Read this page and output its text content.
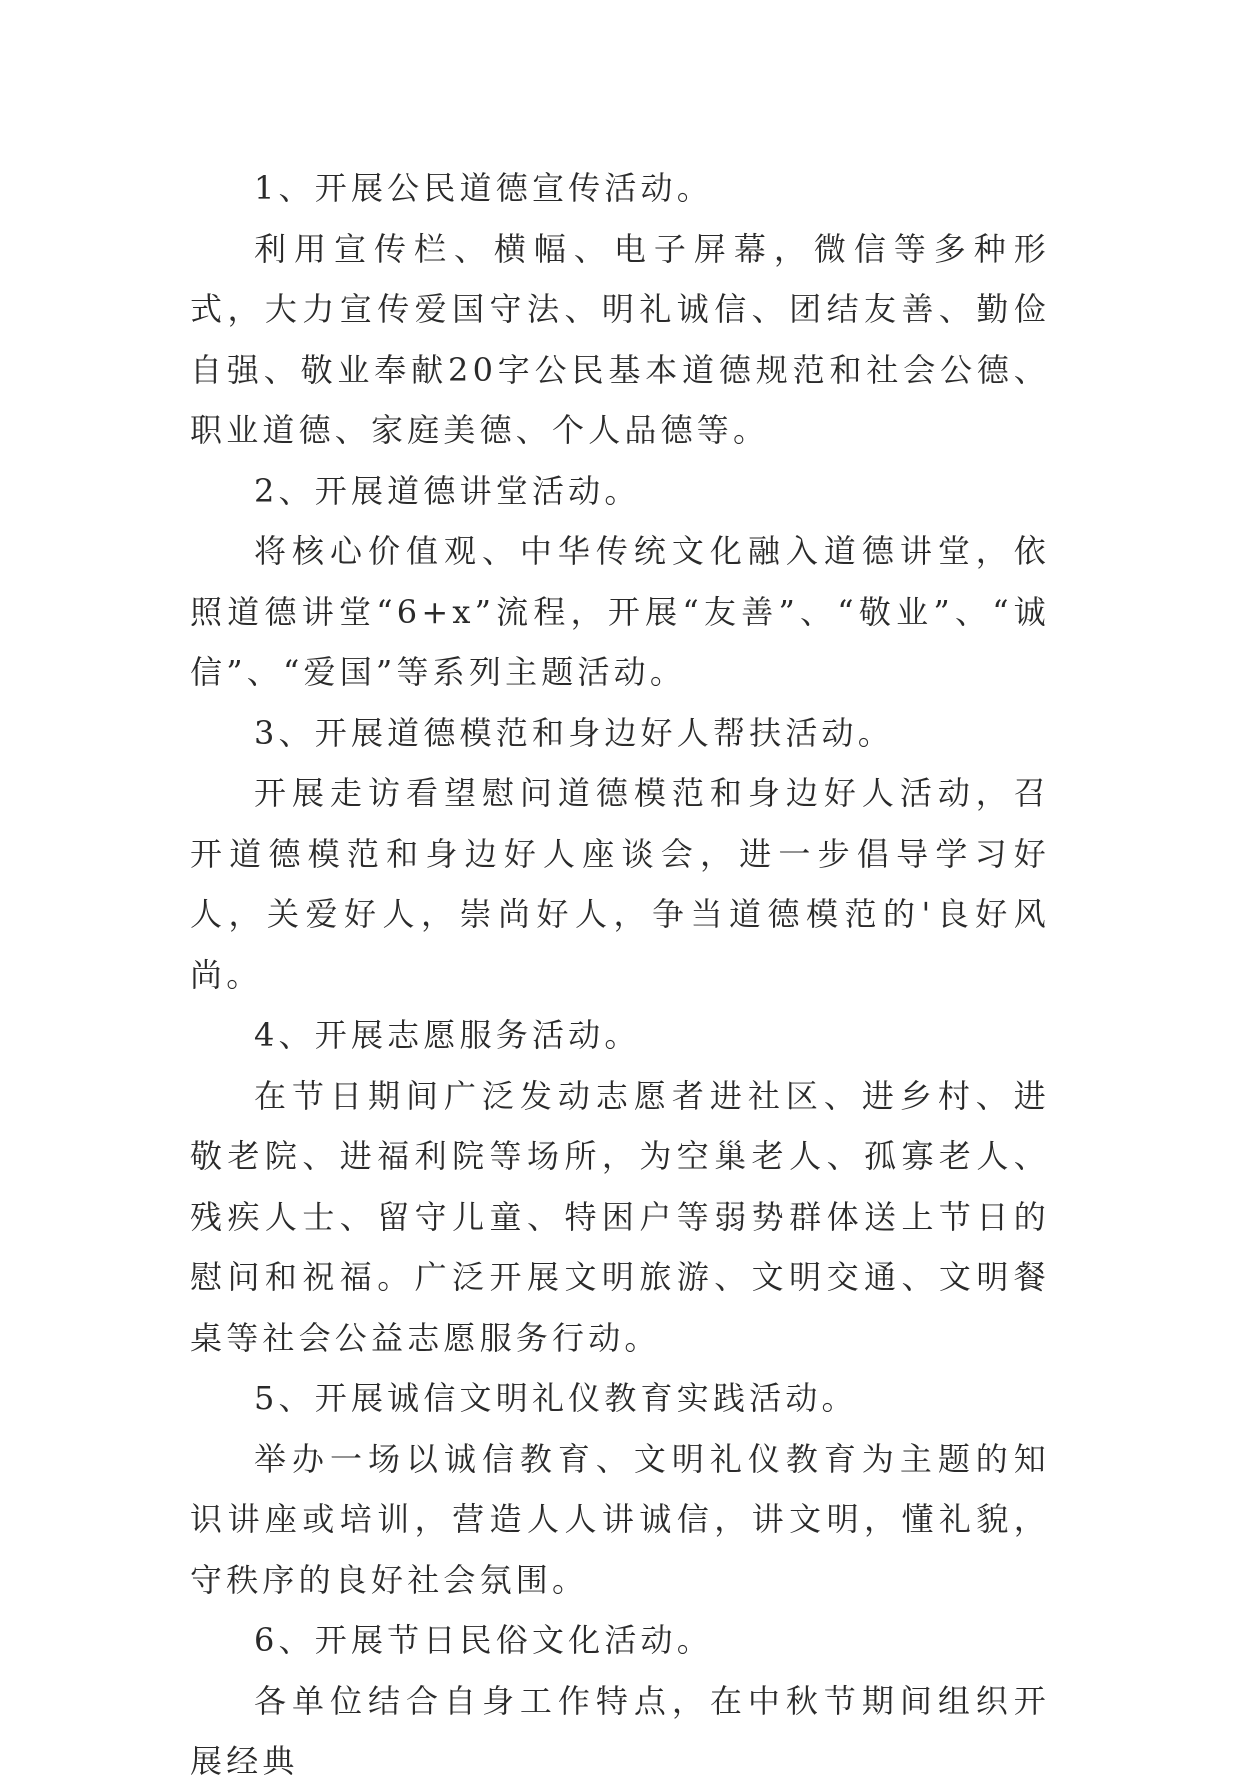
1、开展公民道德宣传活动。

利用宣传栏、横幅、电子屏幕，微信等多种形式，大力宣传爱国守法、明礼诚信、团结友善、勤俭自强、敬业奉献20字公民基本道德规范和社会公德、职业道德、家庭美德、个人品德等。

2、开展道德讲堂活动。

将核心价值观、中华传统文化融入道德讲堂，依照道德讲堂“6+x”流程，开展“友善”、“敬业”、“诚信”、“爱国”等系列主题活动。

3、开展道德模范和身边好人帮扶活动。

开展走访看望慰问道德模范和身边好人活动，召开道德模范和身边好人座谈会，进一步倡导学习好人，关爱好人，崇尚好人，争当道德模范的'良好风尚。

4、开展志愿服务活动。

在节日期间广泛发动志愿者进社区、进乡村、进敬老院、进福利院等场所，为空巢老人、孤寡老人、残疾人士、留守儿童、特困户等弱势群体送上节日的慰问和祝福。广泛开展文明旅游、文明交通、文明餐桌等社会公益志愿服务行动。

5、开展诚信文明礼仪教育实践活动。

举办一场以诚信教育、文明礼仪教育为主题的知识讲座或培训，营造人人讲诚信，讲文明，懂礼貌，守秩序的良好社会氛围。

6、开展节日民俗文化活动。

各单位结合自身工作特点，在中秋节期间组织开展经典
